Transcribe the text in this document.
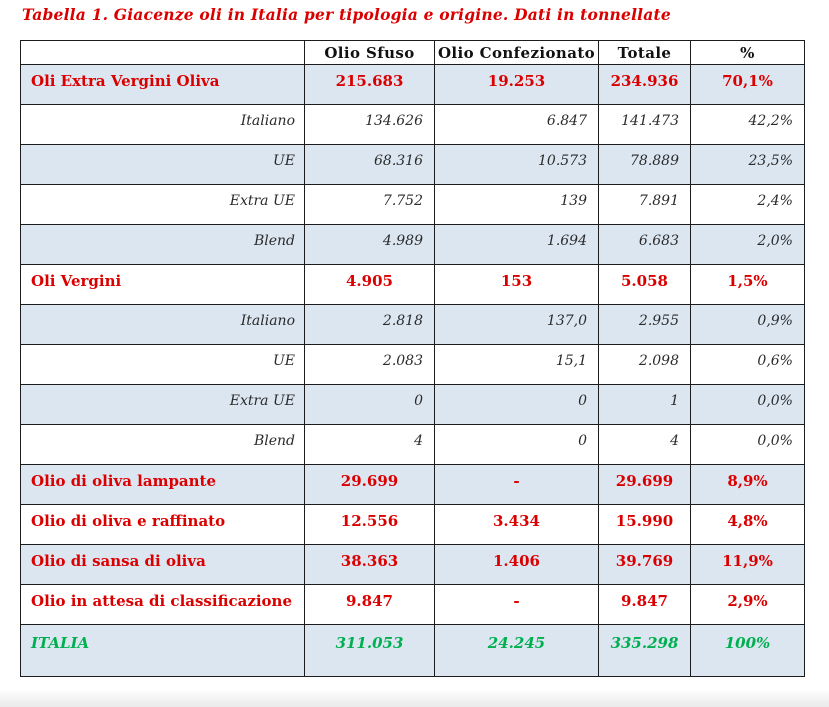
Tabella 1. Giacenze oli in Italia per tipologia e origine. Dati in tonnellate
	Olio Sfuso	Olio Confezionato	Totale	%
Oli Extra Vergini Oliva	215.683	19.253	234.936	70,1%
Italiano	134.626	6.847	141.473	42,2%
UE	68.316	10.573	78.889	23,5%
Extra UE	7.752	139	7.891	2,4%
Blend	4.989	1.694	6.683	2,0%
Oli Vergini	4.905	153	5.058	1,5%
Italiano	2.818	137,0	2.955	0,9%
UE	2.083	15,1	2.098	0,6%
Extra UE	0	0	1	0,0%
Blend	4	0	4	0,0%
Olio di oliva lampante	29.699	-	29.699	8,9%
Olio di oliva e raffinato	12.556	3.434	15.990	4,8%
Olio di sansa di oliva	38.363	1.406	39.769	11,9%
Olio in attesa di classificazione	9.847	-	9.847	2,9%
ITALIA	311.053	24.245	335.298	100%
